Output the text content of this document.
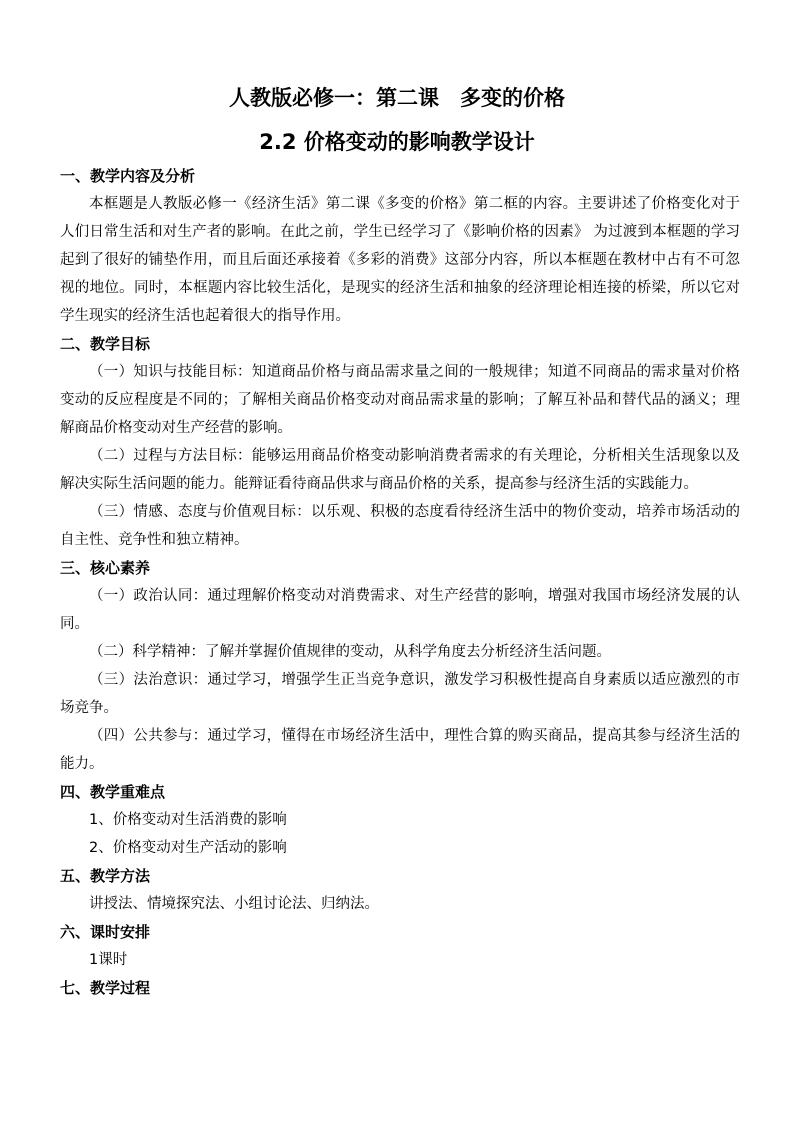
人教版必修一：第二课　多变的价格
2.2 价格变动的影响教学设计

一、教学内容及分析

本框题是人教版必修一《经济生活》第二课《多变的价格》第二框的内容。主要讲述了价格变化对于人们日常生活和对生产者的影响。在此之前，学生已经学习了《影响价格的因素》 为过渡到本框题的学习起到了很好的铺垫作用，而且后面还承接着《多彩的消费》这部分内容，所以本框题在教材中占有不可忽视的地位。同时，本框题内容比较生活化，是现实的经济生活和抽象的经济理论相连接的桥梁，所以它对学生现实的经济生活也起着很大的指导作用。

二、教学目标

（一）知识与技能目标：知道商品价格与商品需求量之间的一般规律；知道不同商品的需求量对价格变动的反应程度是不同的；了解相关商品价格变动对商品需求量的影响；了解互补品和替代品的涵义；理解商品价格变动对生产经营的影响。

（二）过程与方法目标：能够运用商品价格变动影响消费者需求的有关理论，分析相关生活现象以及解决实际生活问题的能力。能辩证看待商品供求与商品价格的关系，提高参与经济生活的实践能力。

（三）情感、态度与价值观目标：以乐观、积极的态度看待经济生活中的物价变动，培养市场活动的自主性、竞争性和独立精神。

三、核心素养

（一）政治认同：通过理解价格变动对消费需求、对生产经营的影响，增强对我国市场经济发展的认同。

（二）科学精神：了解并掌握价值规律的变动，从科学角度去分析经济生活问题。

（三）法治意识：通过学习，增强学生正当竞争意识，激发学习积极性提高自身素质以适应激烈的市场竞争。

（四）公共参与：通过学习，懂得在市场经济生活中，理性合算的购买商品，提高其参与经济生活的能力。

四、教学重难点

1、价格变动对生活消费的影响

2、价格变动对生产活动的影响

五、教学方法

讲授法、情境探究法、小组讨论法、归纳法。

六、课时安排

1课时

七、教学过程
